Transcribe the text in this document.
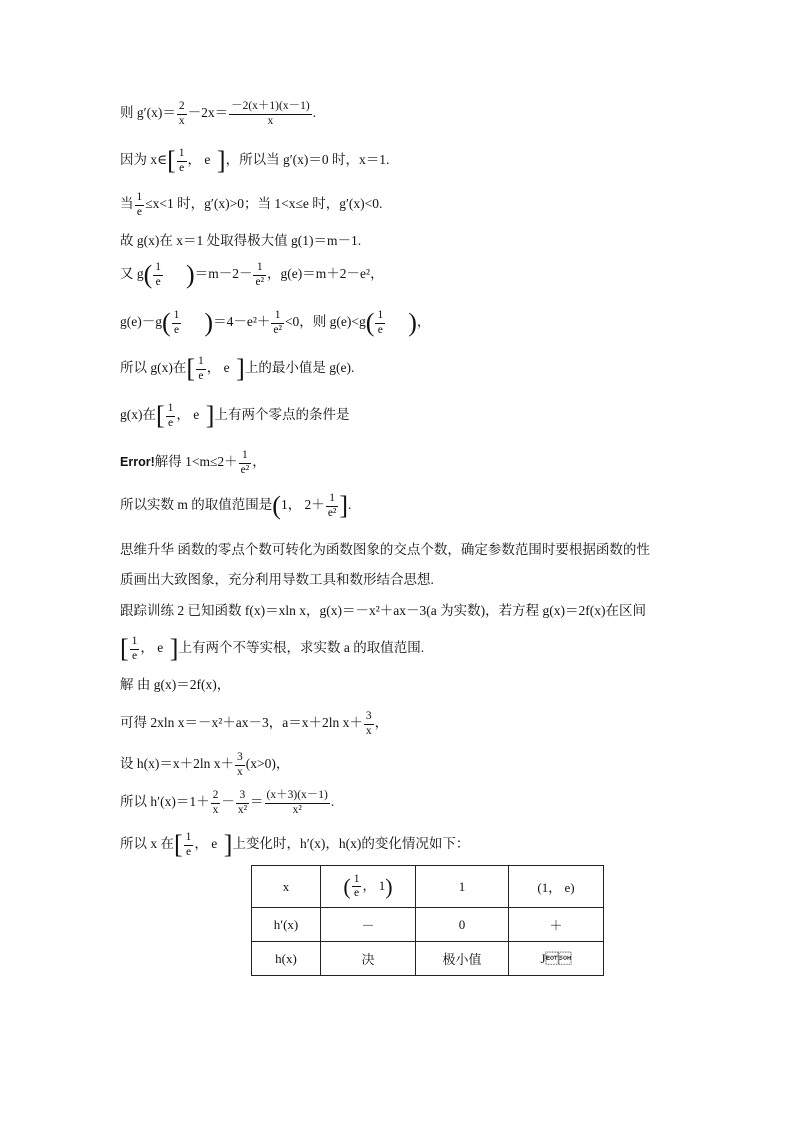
则 $g'(x)= \frac{2}{x} -2x= \frac{-2(x+1)(x-1)}{x}$ .
因为 x∈[ $\frac{1}{e}$ ， e ]，所以当 g′(x)＝0 时，x＝1.
当 $\frac{1}{e} \le x<1$ 时，g′(x)>0；当 1<x≤e 时，g′(x)<0.
故 g(x)在 x＝1 处取得极大值 g(1)＝m－1.
又 $g( \frac{1}{e} )=m-2- \frac{1}{\text{e²}}$ ，g(e)＝m＋2－e²，
$g(e)-g( \frac{1}{e} )=4-e^2+ \frac{1}{\text{e²}} <0$，则 $g(e)<g( \frac{1}{e}$ )，
所以 g(x)在[ $\frac{1}{e}$ ， e ]上的最小值是 g(e).
g(x)在[ $\frac{1}{e}$ ， e ]上有两个零点的条件是
Error!解得 $1<m\le 2+ \frac{1}{\text{e²}}$ ，
所以实数 m 的取值范围是(1， $2+ \frac{1}{\text{e²}}$ ].
思维升华 函数的零点个数可转化为函数图象的交点个数，确定参数范围时要根据函数的性
质画出大致图象，充分利用导数工具和数形结合思想.
跟踪训练 2 已知函数 f(x)＝xln x，g(x)＝－x²＋ax－3(a 为实数)，若方程 g(x)＝2f(x)在区间
[ $\frac{1}{e}$ ， e ]上有两个不等实根，求实数 a 的取值范围.
解 由 g(x)＝2f(x)，
可得 2xln x＝－x²＋ax－3，a＝x＋2ln $x+ \frac{3}{x}$ ，
设 h(x)＝x＋2ln $x+ \frac{3}{x} (x>0)$，
所以 $h'(x)=1+ \frac{2}{x} - \frac{3}{\text{x²}} = \frac{(x+3)(x-1)}{\text{x²}}$ .
所以 x 在[ $\frac{1}{e}$ ， e ]上变化时，h′(x)，h(x)的变化情况如下：
x	( $\frac{1}{e}$ ， 1)	1	(1， e)
h′(x)	－	0	＋
h(x)	决	极小值	J
